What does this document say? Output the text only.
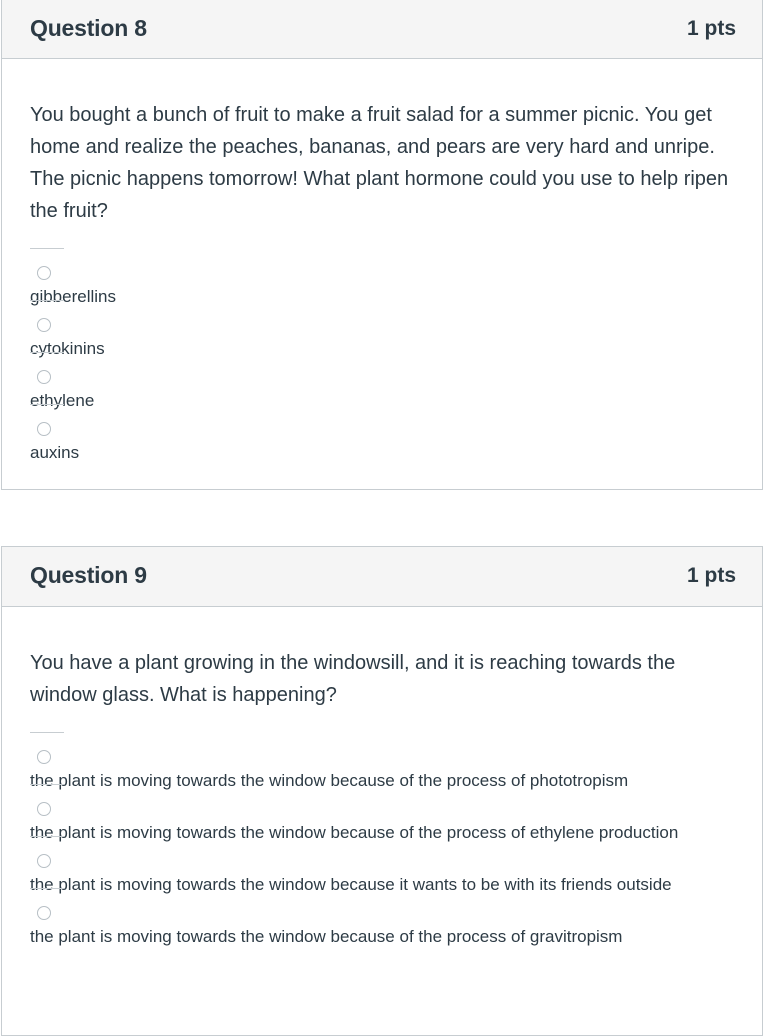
Question 8	1 pts
You bought a bunch of fruit to make a fruit salad for a summer picnic. You get home and realize the peaches, bananas, and pears are very hard and unripe. The picnic happens tomorrow! What plant hormone could you use to help ripen the fruit?
gibberellins
cytokinins
ethylene
auxins
Question 9	1 pts
You have a plant growing in the windowsill, and it is reaching towards the window glass. What is happening?
the plant is moving towards the window because of the process of phototropism
the plant is moving towards the window because of the process of ethylene production
the plant is moving towards the window because it wants to be with its friends outside
the plant is moving towards the window because of the process of gravitropism
